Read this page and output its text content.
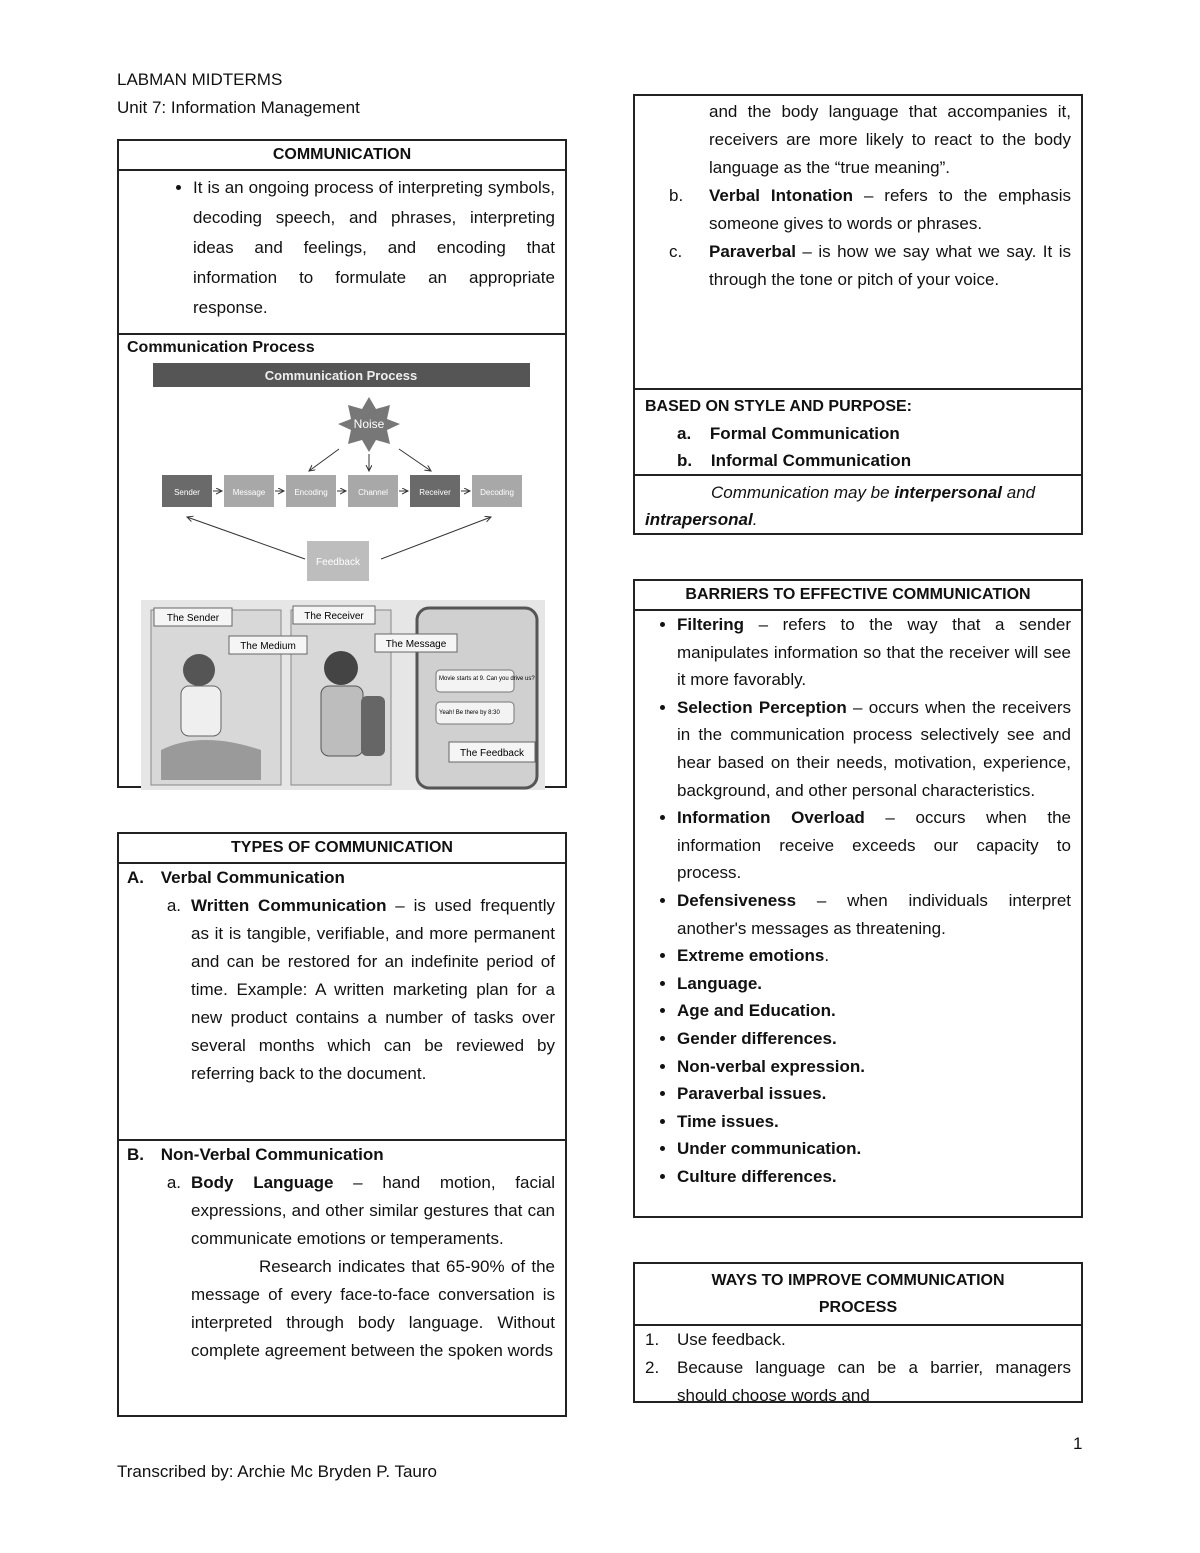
LABMAN MIDTERMS
Unit 7: Information Management
COMMUNICATION
• It is an ongoing process of interpreting symbols, decoding speech, and phrases, interpreting ideas and feelings, and encoding that information to formulate an appropriate response.
Communication Process
Communication Process
Noise
Sender	Message	Encoding	Channel	Receiver	Decoding
Feedback
Movie starts at 9. Can you drive us?
Yeah! Be there by 8:30
The Sender	The Receiver
The Medium	The Message
The Feedback
TYPES OF COMMUNICATION
A. Verbal Communication
a. Written Communication – is used frequently as it is tangible, verifiable, and more permanent and can be restored for an indefinite period of time. Example: A written marketing plan for a new product contains a number of tasks over several months which can be reviewed by referring back to the document.
B. Non-Verbal Communication
a. Body Language – hand motion, facial expressions, and other similar gestures that can communicate emotions or temperaments.
Research indicates that 65-90% of the message of every face-to-face conversation is interpreted through body language. Without complete agreement between the spoken words
and the body language that accompanies it, receivers are more likely to react to the body language as the “true meaning”.
b.	Verbal Intonation – refers to the emphasis someone gives to words or phrases.
c.	Paraverbal – is how we say what we say. It is through the tone or pitch of your voice.
BASED ON STYLE AND PURPOSE:
a. Formal Communication
b. Informal Communication
Communication may be interpersonal and intrapersonal.
BARRIERS TO EFFECTIVE COMMUNICATION
• Filtering – refers to the way that a sender manipulates information so that the receiver will see it more favorably.
• Selection Perception – occurs when the receivers in the communication process selectively see and hear based on their needs, motivation, experience, background, and other personal characteristics.
• Information Overload – occurs when the information receive exceeds our capacity to process.
• Defensiveness – when individuals interpret another's messages as threatening.
• Extreme emotions.
• Language.
• Age and Education.
• Gender differences.
• Non-verbal expression.
• Paraverbal issues.
• Time issues.
• Under communication.
• Culture differences.
WAYS TO IMPROVE COMMUNICATION PROCESS
1.	Use feedback.
2.	Because language can be a barrier, managers should choose words and
1
Transcribed by: Archie Mc Bryden P. Tauro
